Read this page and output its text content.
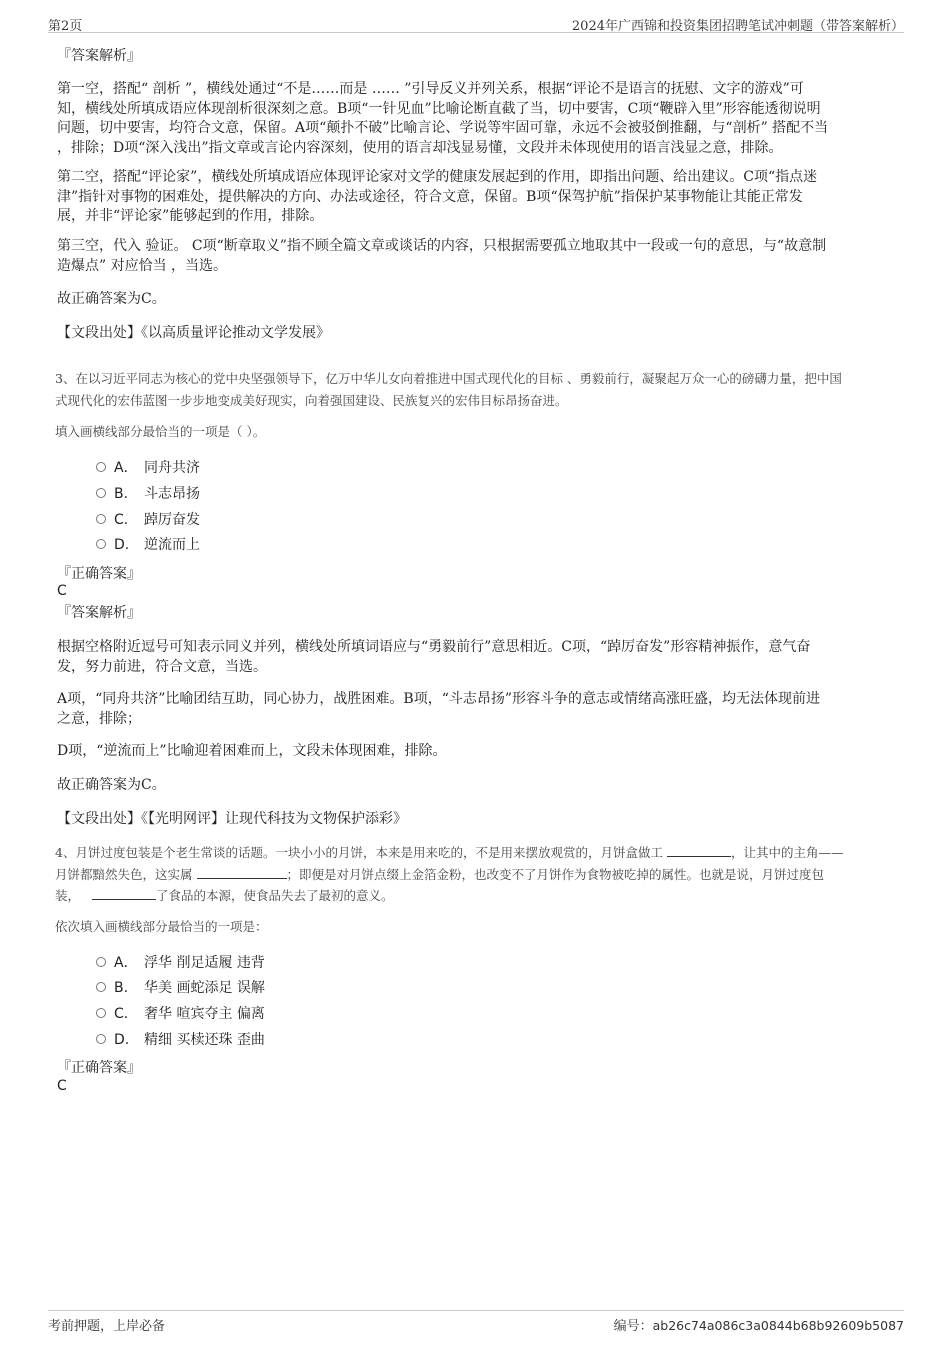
第2页	2024年广西锦和投资集团招聘笔试冲刺题（带答案解析）
『答案解析』
第一空，搭配“ 剖析 ”，横线处通过“不是……而是 …… ”引导反义并列关系，根据“评论不是语言的抚慰、文字的游戏”可
知，横线处所填成语应体现剖析很深刻之意。B项“一针见血”比喻论断直截了当，切中要害，C项“鞭辟入里”形容能透彻说明
问题，切中要害，均符合文意，保留。A项“颠扑不破”比喻言论、学说等牢固可靠，永远不会被驳倒推翻，与“剖析” 搭配不当
，排除；D项“深入浅出”指文章或言论内容深刻，使用的语言却浅显易懂，文段并未体现使用的语言浅显之意，排除。
第二空，搭配“评论家”，横线处所填成语应体现评论家对文学的健康发展起到的作用，即指出问题、给出建议。C项“指点迷
津”指针对事物的困难处，提供解决的方向、办法或途径，符合文意，保留。B项“保驾护航”指保护某事物能让其能正常发
展，并非“评论家”能够起到的作用，排除。
第三空，代入 验证。 C项“断章取义”指不顾全篇文章或谈话的内容，只根据需要孤立地取其中一段或一句的意思，与“故意制
造爆点” 对应恰当 ，当选。
故正确答案为C。
【文段出处】《以高质量评论推动文学发展》
3、在以习近平同志为核心的党中央坚强领导下，亿万中华儿女向着推进中国式现代化的目标 、勇毅前行，凝聚起万众一心的磅礴力量，把中国
式现代化的宏伟蓝图一步步地变成美好现实，向着强国建设、民族复兴的宏伟目标昂扬奋进。
填入画横线部分最恰当的一项是（ ）。
A． 同舟共济
B. 斗志昂扬
C. 踔厉奋发
D. 逆流而上
『正确答案』
C
『答案解析』
根据空格附近逗号可知表示同义并列，横线处所填词语应与“勇毅前行”意思相近。C项，“踔厉奋发”形容精神振作，意气奋
发，努力前进，符合文意，当选。
A项，“同舟共济”比喻团结互助，同心协力，战胜困难。B项，“斗志昂扬”形容斗争的意志或情绪高涨旺盛，均无法体现前进
之意，排除；
D项，“逆流而上”比喻迎着困难而上，文段未体现困难，排除。
故正确答案为C。
【文段出处】《【光明网评】让现代科技为文物保护添彩》
4、月饼过度包装是个老生常谈的话题。一块小小的月饼，本来是用来吃的，不是用来摆放观赏的，月饼盒做工	，让其中的主角——
月饼都黯然失色，这实属	；即便是对月饼点缀上金箔金粉，也改变不了月饼作为食物被吃掉的属性。也就是说，月饼过度包
装，	了食品的本源，使食品失去了最初的意义。
依次填入画横线部分最恰当的一项是：
A． 浮华 削足适履 违背
B. 华美 画蛇添足 误解
C. 奢华 喧宾夺主 偏离
D. 精细 买椟还珠 歪曲
『正确答案』
C
考前押题，上岸必备	编号：ab26c74a086c3a0844b68b92609b5087
